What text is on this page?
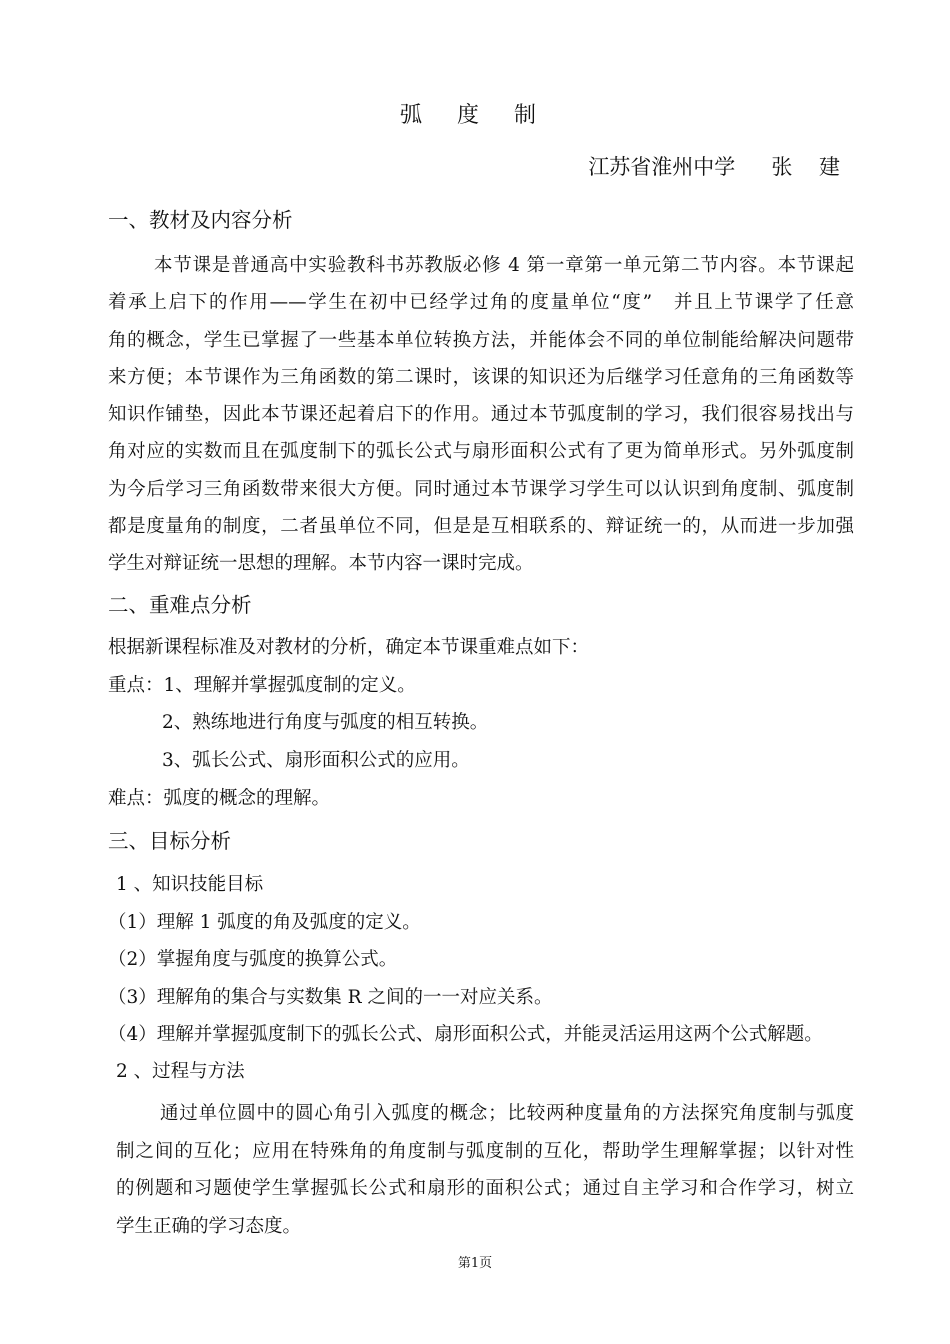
弧 度 制
江苏省淮州中学 张 建
一、教材及内容分析
本节课是普通高中实验教科书苏教版必修 4 第一章第一单元第二节内容。本节课起
着承上启下的作用——学生在初中已经学过角的度量单位“度”　并且上节课学了任意
角的概念，学生已掌握了一些基本单位转换方法，并能体会不同的单位制能给解决问题带
来方便；本节课作为三角函数的第二课时，该课的知识还为后继学习任意角的三角函数等
知识作铺垫，因此本节课还起着启下的作用。通过本节弧度制的学习，我们很容易找出与
角对应的实数而且在弧度制下的弧长公式与扇形面积公式有了更为简单形式。另外弧度制
为今后学习三角函数带来很大方便。同时通过本节课学习学生可以认识到角度制、弧度制
都是度量角的制度，二者虽单位不同，但是是互相联系的、辩证统一的，从而进一步加强
学生对辩证统一思想的理解。本节内容一课时完成。
二、重难点分析
根据新课程标准及对教材的分析，确定本节课重难点如下：
重点：1、理解并掌握弧度制的定义。
2、熟练地进行角度与弧度的相互转换。
3、弧长公式、扇形面积公式的应用。
难点：弧度的概念的理解。
三、目标分析
1 、知识技能目标
（1）理解 1 弧度的角及弧度的定义。
（2）掌握角度与弧度的换算公式。
（3）理解角的集合与实数集 R 之间的一一对应关系。
（4）理解并掌握弧度制下的弧长公式、扇形面积公式，并能灵活运用这两个公式解题。
2 、过程与方法
通过单位圆中的圆心角引入弧度的概念；比较两种度量角的方法探究角度制与弧度
制之间的互化；应用在特殊角的角度制与弧度制的互化，帮助学生理解掌握；以针对性
的例题和习题使学生掌握弧长公式和扇形的面积公式；通过自主学习和合作学习，树立
学生正确的学习态度。
第1页
